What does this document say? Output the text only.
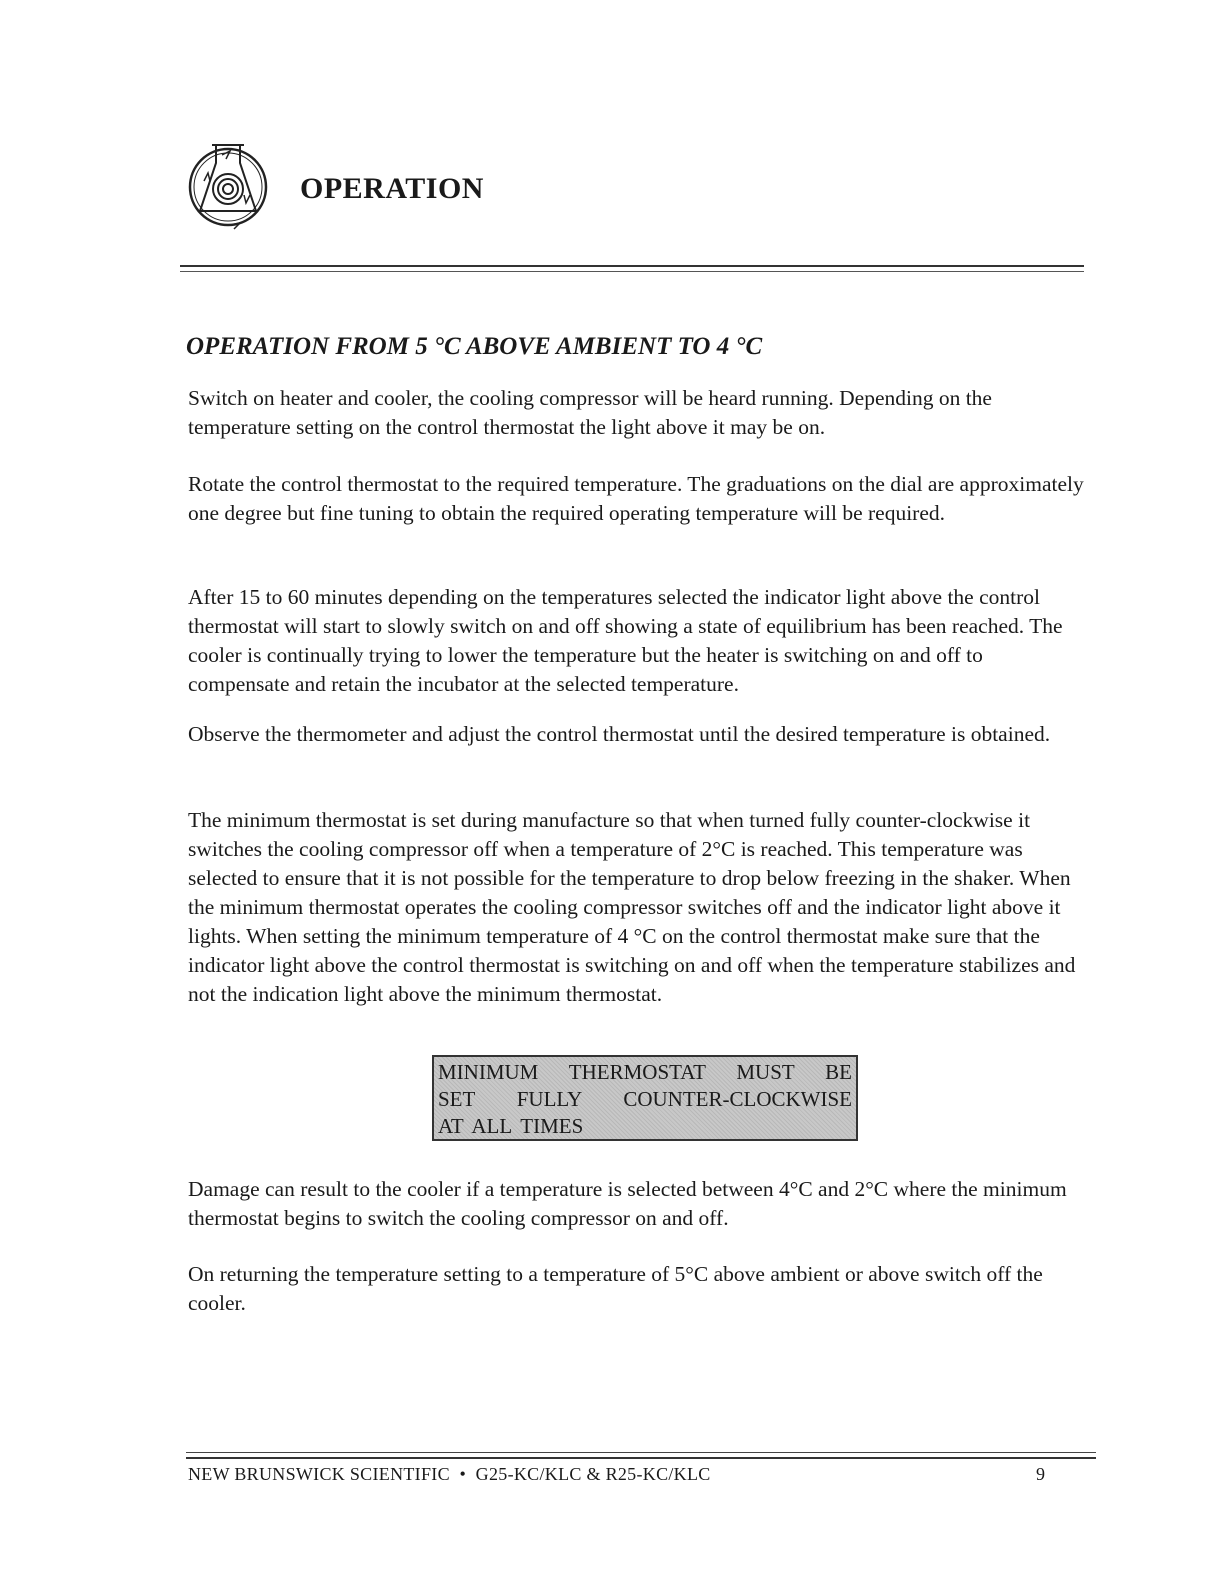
OPERATION
OPERATION FROM 5 °C ABOVE AMBIENT TO 4 °C

Switch on heater and cooler, the cooling compressor will be heard running. Depending on the temperature setting on the control thermostat the light above it may be on.

Rotate the control thermostat to the required temperature. The graduations on the dial are approximately one degree but fine tuning to obtain the required operating temperature will be required.

After 15 to 60 minutes depending on the temperatures selected the indicator light above the control thermostat will start to slowly switch on and off showing a state of equilibrium has been reached. The cooler is continually trying to lower the temperature but the heater is switching on and off to compensate and retain the incubator at the selected temperature.

Observe the thermometer and adjust the control thermostat until the desired temperature is obtained.

The minimum thermostat is set during manufacture so that when turned fully counter-clockwise it switches the cooling compressor off when a temperature of 2°C is reached. This temperature was selected to ensure that it is not possible for the temperature to drop below freezing in the shaker. When the minimum thermostat operates the cooling compressor switches off and the indicator light above it lights. When setting the minimum temperature of 4 °C on the control thermostat make sure that the indicator light above the control thermostat is switching on and off when the temperature stabilizes and not the indication light above the minimum thermostat.

MINIMUM THERMOSTAT MUST BE
SET FULLY COUNTER-CLOCKWISE
AT ALL TIMES

Damage can result to the cooler if a temperature is selected between 4°C and 2°C where the minimum thermostat begins to switch the cooling compressor on and off.

On returning the temperature setting to a temperature of 5°C above ambient or above switch off the cooler.

NEW BRUNSWICK SCIENTIFIC  •  G25-KC/KLC & R25-KC/KLC	9
